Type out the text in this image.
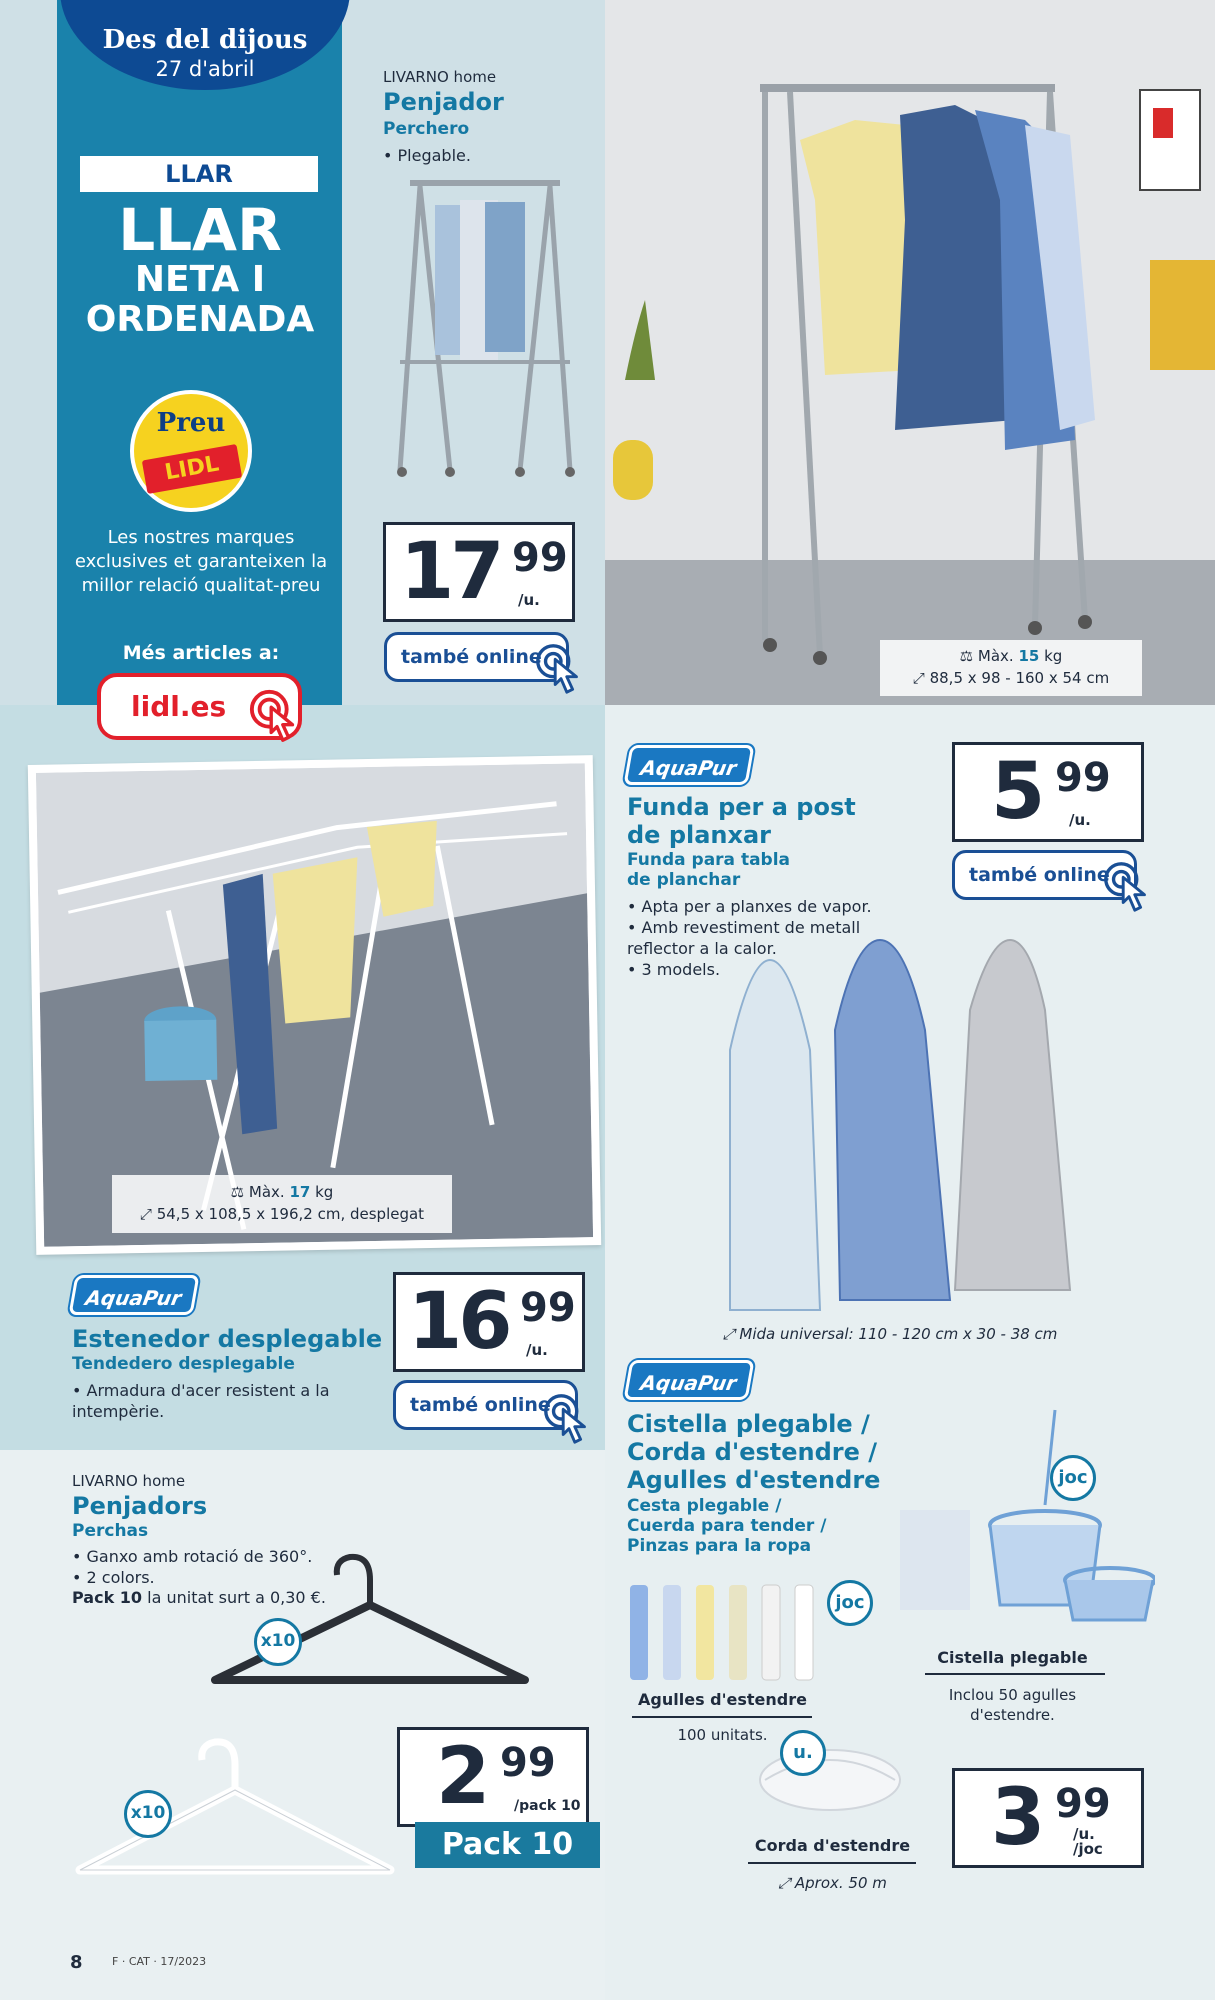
Des del dijous
27 d'abril
LLAR
LLAR
NETA I
ORDENADA
Preu
LIDL
Les nostres marques exclusives et garanteixen la millor relació qualitat-preu
Més articles a:
lidl.es
LIVARNO home
Penjador
Perchero
• Plegable.
17 99
/u.
també online	⚖ Màx. 15 kg
⤢ 88,5 x 98 - 160 x 54 cm
⚖ Màx. 17 kg
⤢ 54,5 x 108,5 x 196,2 cm, desplegat
AquaPur
Estenedor desplegable
Tendedero desplegable
• Armadura d'acer resistent a la intempèrie.
16 99
/u.
també online
AquaPur
Funda per a post
de planxar
Funda para tabla
de planchar
• Apta per a planxes de vapor.
• Amb revestiment de metall reflector a la calor.
• 3 models.
5 99
/u.
també online
⤢ Mida universal: 110 - 120 cm x 30 - 38 cm
LIVARNO home
Penjadors
Perchas
• Ganxo amb rotació de 360°.
• 2 colors.
Pack 10 la unitat surt a 0,30 €.
x10
x10	2 99
/pack 10
Pack 10
AquaPur
Cistella plegable /
Corda d'estendre /
Agulles d'estendre
Cesta plegable /
Cuerda para tender /
Pinzas para la ropa
joc
Agulles d'estendre
100 unitats.
joc
Cistella plegable
Inclou 50 agulles d'estendre.
u.
Corda d'estendre
⤢ Aprox. 50 m
3 99
/u.
/joc
8	F · CAT · 17/2023
